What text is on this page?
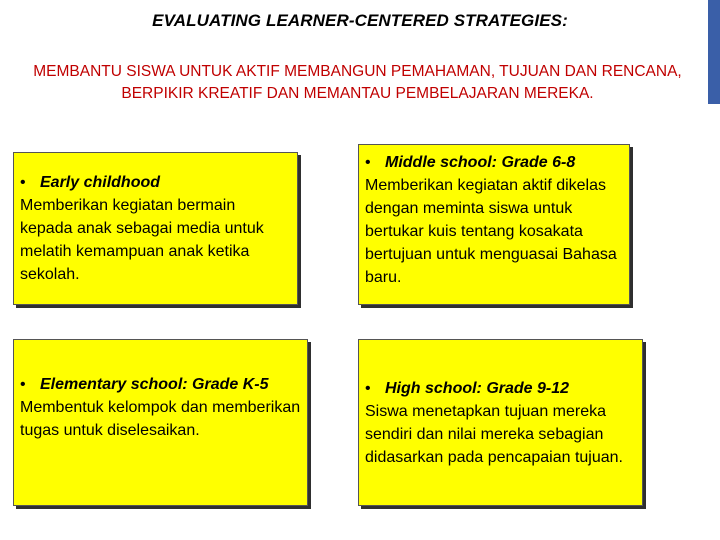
EVALUATING LEARNER-CENTERED STRATEGIES:
MEMBANTU SISWA UNTUK AKTIF MEMBANGUN PEMAHAMAN, TUJUAN DAN RENCANA, BERPIKIR KREATIF DAN MEMANTAU PEMBELAJARAN MEREKA.
• Early childhood
Memberikan kegiatan bermain kepada anak sebagai media untuk melatih kemampuan anak ketika sekolah.
• Middle school: Grade 6-8
Memberikan kegiatan aktif dikelas dengan meminta siswa untuk bertukar kuis tentang kosakata bertujuan untuk menguasai Bahasa baru.
• Elementary school: Grade K-5
Membentuk kelompok dan memberikan tugas untuk diselesaikan.
• High school: Grade 9-12
Siswa menetapkan tujuan mereka sendiri dan nilai mereka sebagian didasarkan pada pencapaian tujuan.
